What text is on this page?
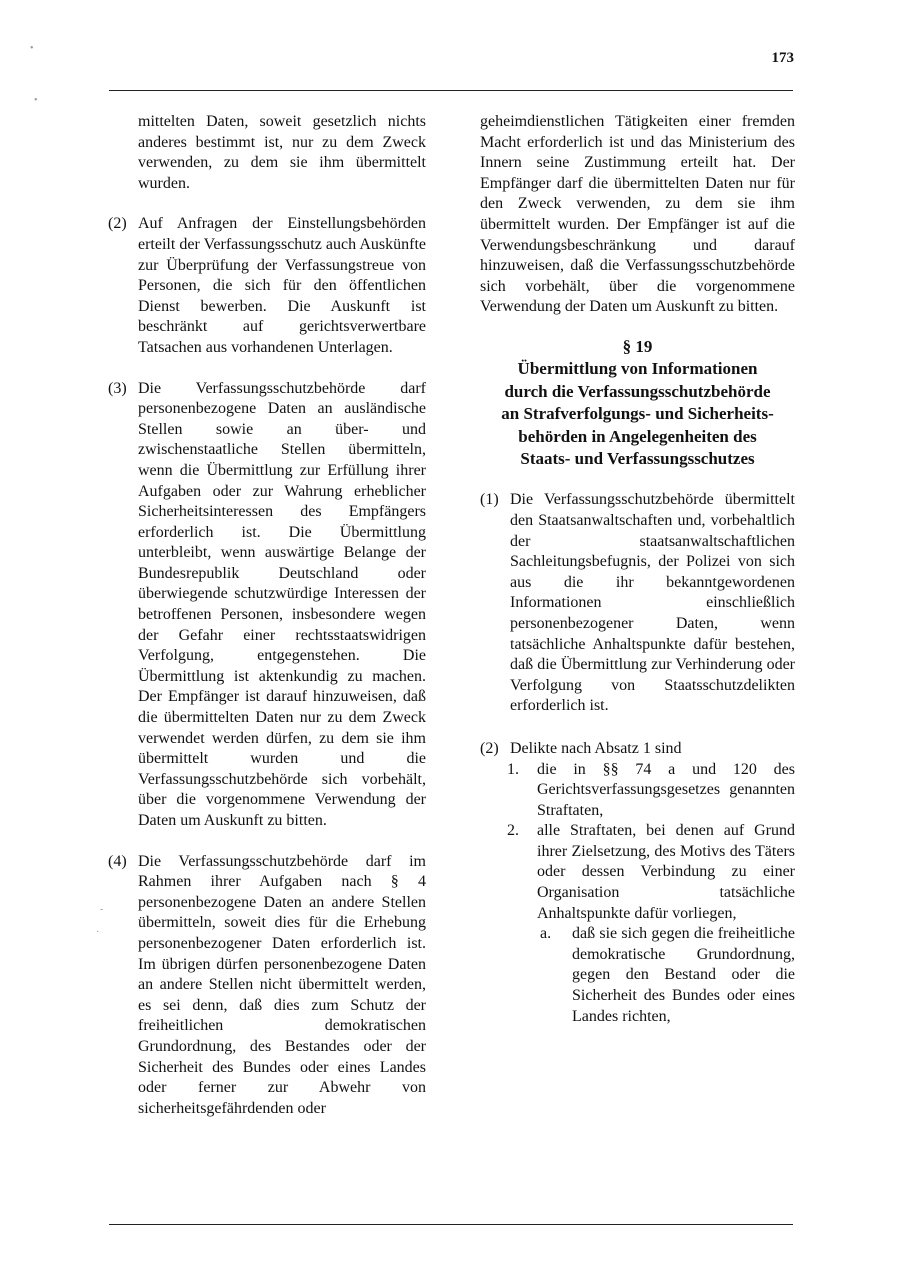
173
•
•
-
·

mittelten Daten, soweit gesetzlich nichts anderes bestimmt ist, nur zu dem Zweck verwenden, zu dem sie ihm übermittelt wurden.

(2) Auf Anfragen der Einstellungsbehörden erteilt der Verfassungsschutz auch Auskünfte zur Überprüfung der Verfassungstreue von Personen, die sich für den öffentlichen Dienst bewerben. Die Auskunft ist beschränkt auf gerichtsverwertbare Tatsachen aus vorhandenen Unterlagen.
(3) Die Verfassungsschutzbehörde darf personenbezogene Daten an ausländische Stellen sowie an über- und zwischenstaatliche Stellen übermitteln, wenn die Übermittlung zur Erfüllung ihrer Aufgaben oder zur Wahrung erheblicher Sicherheitsinteressen des Empfängers erforderlich ist. Die Übermittlung unterbleibt, wenn auswärtige Belange der Bundesrepublik Deutschland oder überwiegende schutzwürdige Interessen der betroffenen Personen, insbesondere wegen der Gefahr einer rechtsstaatswidrigen Verfolgung, entgegenstehen. Die Übermittlung ist aktenkundig zu machen. Der Empfänger ist darauf hinzuweisen, daß die übermittelten Daten nur zu dem Zweck verwendet werden dürfen, zu dem sie ihm übermittelt wurden und die Verfassungsschutzbehörde sich vorbehält, über die vorgenommene Verwendung der Daten um Auskunft zu bitten.
(4) Die Verfassungsschutzbehörde darf im Rahmen ihrer Aufgaben nach § 4 personenbezogene Daten an andere Stellen übermitteln, soweit dies für die Erhebung personenbezogener Daten erforderlich ist. Im übrigen dürfen personenbezogene Daten an andere Stellen nicht übermittelt werden, es sei denn, daß dies zum Schutz der freiheitlichen demokratischen Grundordnung, des Bestandes oder der Sicherheit des Bundes oder eines Landes oder ferner zur Abwehr von sicherheitsgefährdenden oder

geheimdienstlichen Tätigkeiten einer fremden Macht erforderlich ist und das Ministerium des Innern seine Zustimmung erteilt hat. Der Empfänger darf die übermittelten Daten nur für den Zweck verwenden, zu dem sie ihm übermittelt wurden. Der Empfänger ist auf die Verwendungsbeschränkung und darauf hinzuweisen, daß die Verfassungsschutzbehörde sich vorbehält, über die vorgenommene Verwendung der Daten um Auskunft zu bitten.

§ 19
Übermittlung von Informationen
durch die Verfassungsschutzbehörde
an Strafverfolgungs- und Sicherheits-
behörden in Angelegenheiten des
Staats- und Verfassungsschutzes
(1) Die Verfassungsschutzbehörde übermittelt den Staatsanwaltschaften und, vorbehaltlich der staatsanwaltschaftlichen Sachleitungsbefugnis, der Polizei von sich aus die ihr bekanntgewordenen Informationen einschließlich personenbezogener Daten, wenn tatsächliche Anhaltspunkte dafür bestehen, daß die Übermittlung zur Verhinderung oder Verfolgung von Staatsschutzdelikten erforderlich ist.
(2) Delikte nach Absatz 1 sind
1. die in §§ 74 a und 120 des Gerichtsverfassungsgesetzes genannten Straftaten,
2. alle Straftaten, bei denen auf Grund ihrer Zielsetzung, des Motivs des Täters oder dessen Verbindung zu einer Organisation tatsächliche Anhaltspunkte dafür vorliegen,
a. daß sie sich gegen die freiheitliche demokratische Grundordnung, gegen den Bestand oder die Sicherheit des Bundes oder eines Landes richten,
